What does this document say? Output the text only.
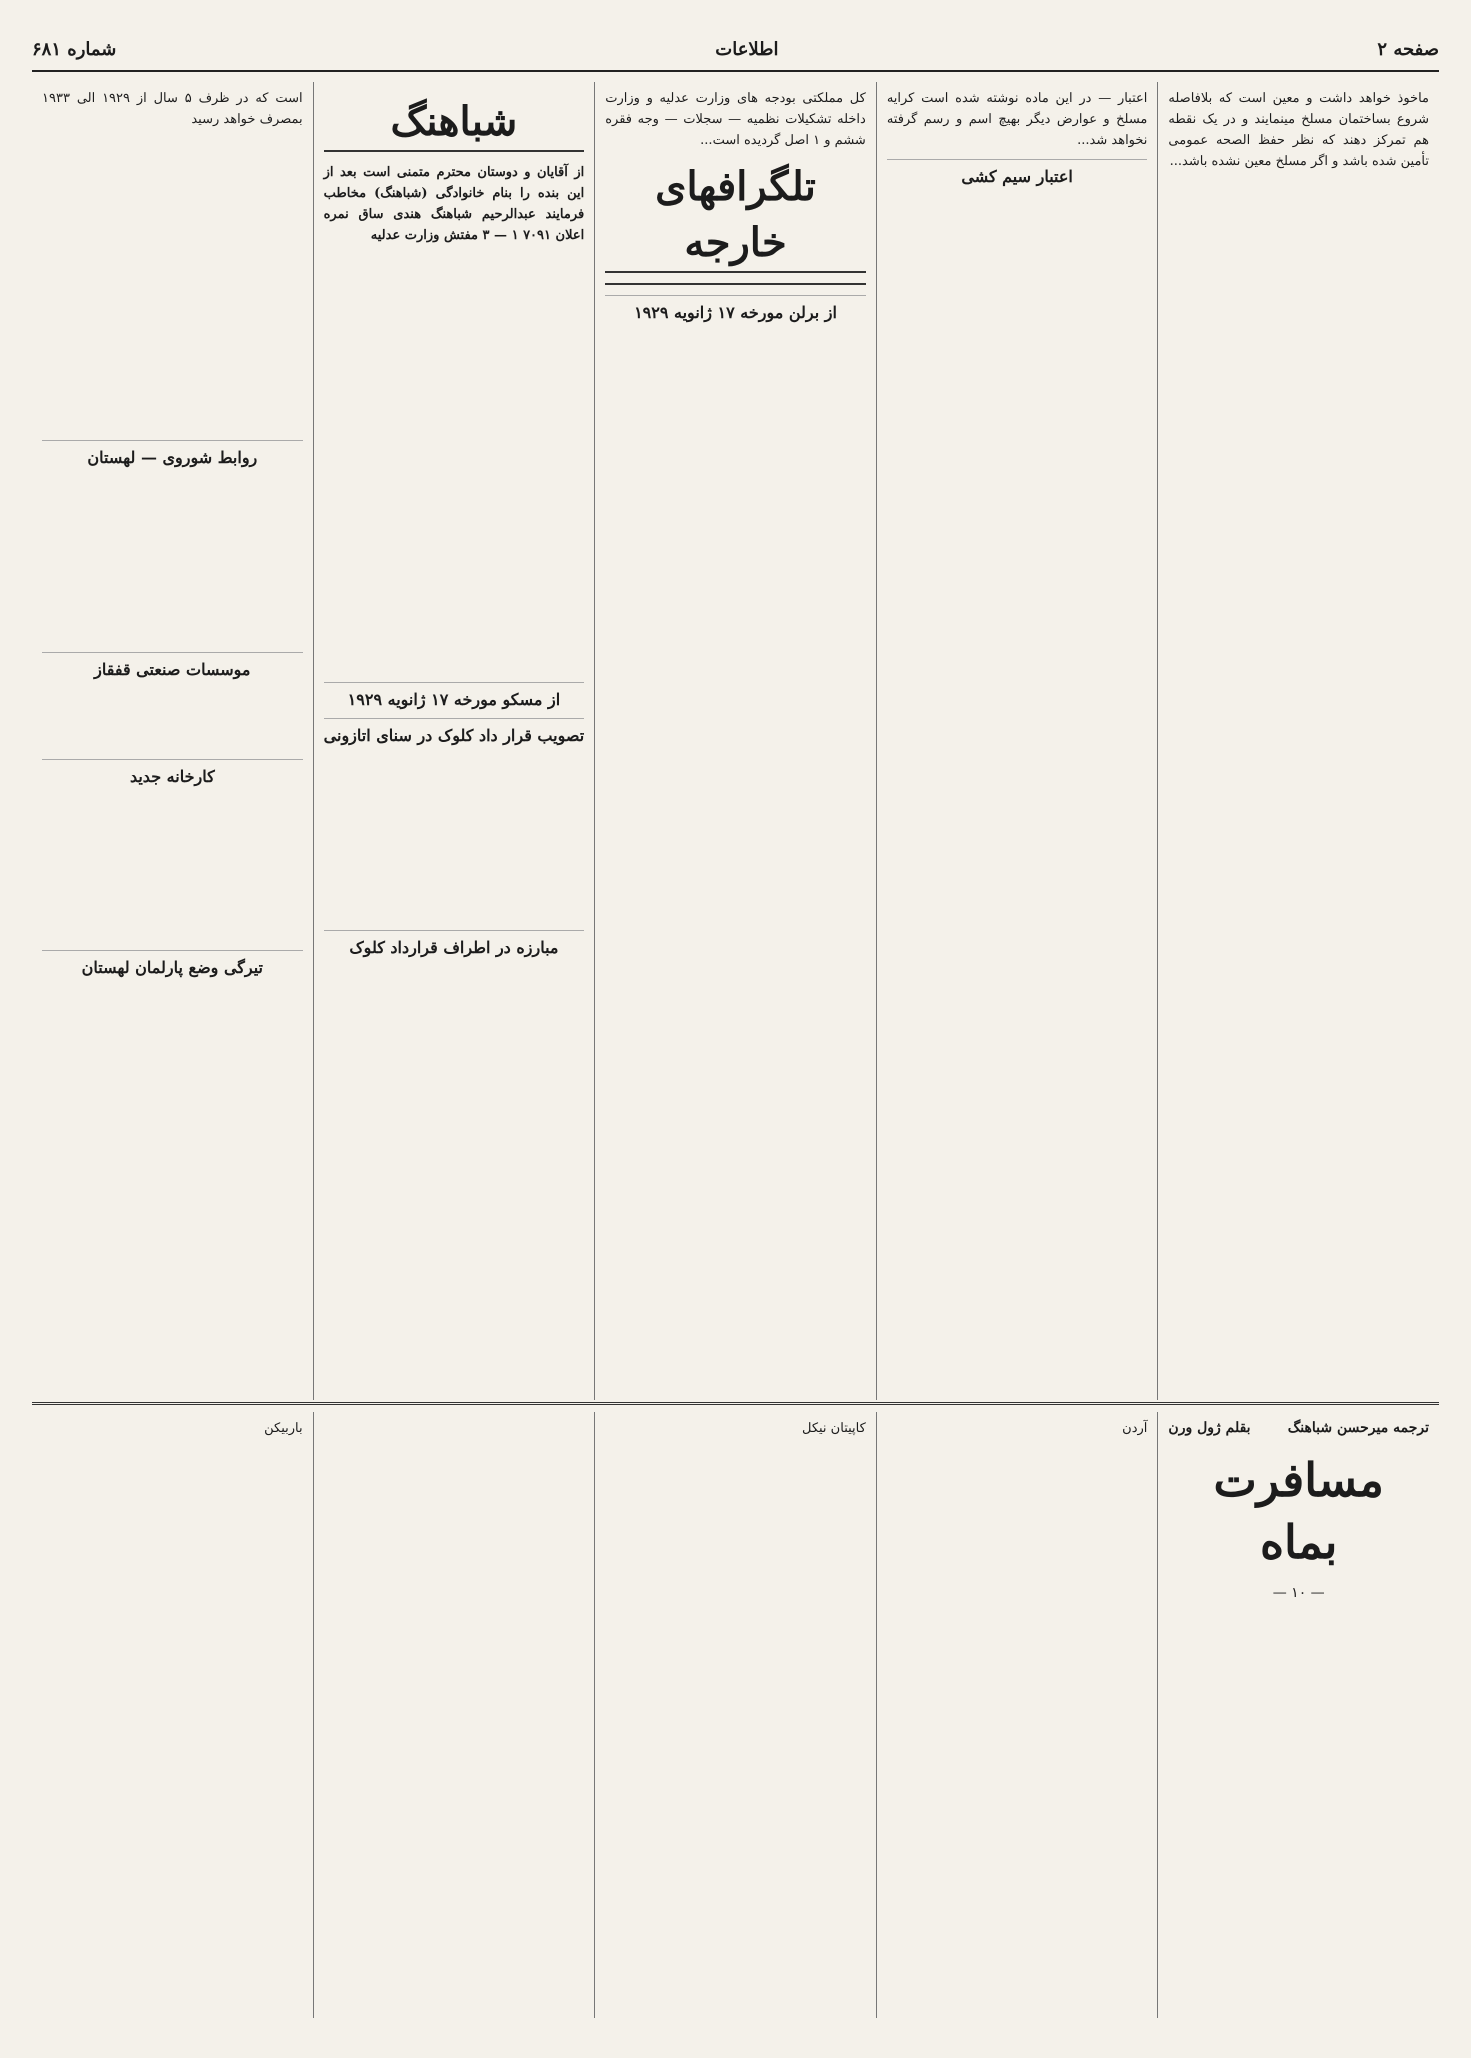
صفحه ۲
اطلاعات
شماره ۶۸۱

ماخوذ خواهد داشت و معین است که بلافاصله شروع بساختمان مسلخ مینمایند و در یک نقطه هم تمرکز دهند که نظر حفظ الصحه عمومی تأمین شده باشد و اگر مسلخ معین نشده باشد...

اعتبار — در این ماده نوشته شده است کرایه مسلخ و عوارض دیگر بهیچ اسم و رسم گرفته نخواهد شد...

اعتبار سیم کشی

کل مملکتی بودجه های وزارت عدلیه و وزارت داخله تشکیلات نظمیه — سجلات — وجه فقره ششم و ۱ اصل گردیده است...

تلگرافهای خارجه
از برلن مورخه ۱۷ ژانویه ۱۹۲۹
شباهنگ

از آقایان و دوستان محترم متمنی است بعد از این بنده را بنام خانوادگی (شباهنگ) مخاطب فرمایند عبدالرحیم شباهنگ هندی ساق نمره اعلان ۷۰۹۱ ۱ — ۳ مفتش وزارت عدلیه

از مسکو مورخه ۱۷ ژانویه ۱۹۲۹
تصویب قرار داد کلوک در سنای اتازونی
مبارزه در اطراف قرارداد کلوک

است که در ظرف ۵ سال از ۱۹۲۹ الی ۱۹۳۳ بمصرف خواهد رسید

روابط شوروی — لهستان
موسسات صنعتی قفقاز
کارخانه جدید
تیرگی وضع پارلمان لهستان
ترجمه میرحسن شباهنگ
بقلم ژول ورن
مسافرت بماه
— ۱۰ —
آردن
کاپیتان نیکل
باربیکن
